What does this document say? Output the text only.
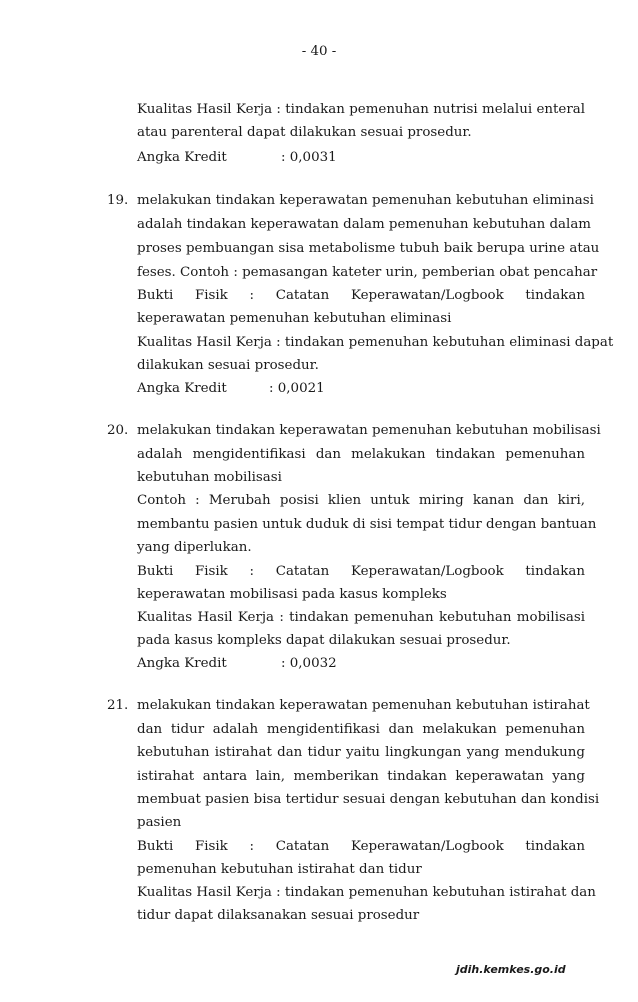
- 40 -
Kualitas Hasil Kerja : tindakan pemenuhan nutrisi melalui enteral
atau parenteral dapat dilakukan sesuai prosedur.
Angka Kredit	: 0,0031
19. melakukan tindakan keperawatan pemenuhan kebutuhan eliminasi
adalah tindakan keperawatan dalam pemenuhan kebutuhan dalam
proses pembuangan sisa metabolisme tubuh baik berupa urine atau
feses. Contoh : pemasangan kateter urin, pemberian obat pencahar
Bukti Fisik : Catatan Keperawatan/Logbook tindakan
keperawatan pemenuhan kebutuhan eliminasi
Kualitas Hasil Kerja : tindakan pemenuhan kebutuhan eliminasi dapat
dilakukan sesuai prosedur.
Angka Kredit	: 0,0021
20. melakukan tindakan keperawatan pemenuhan kebutuhan mobilisasi
adalah mengidentifikasi dan melakukan tindakan pemenuhan
kebutuhan mobilisasi
Contoh : Merubah posisi klien untuk miring kanan dan kiri,
membantu pasien untuk duduk di sisi tempat tidur dengan bantuan
yang diperlukan.
Bukti Fisik : Catatan Keperawatan/Logbook tindakan
keperawatan mobilisasi pada kasus kompleks
Kualitas Hasil Kerja : tindakan pemenuhan kebutuhan mobilisasi
pada kasus kompleks dapat dilakukan sesuai prosedur.
Angka Kredit	: 0,0032
21. melakukan tindakan keperawatan pemenuhan kebutuhan istirahat
dan tidur adalah mengidentifikasi dan melakukan pemenuhan
kebutuhan istirahat dan tidur yaitu lingkungan yang mendukung
istirahat antara lain, memberikan tindakan keperawatan yang
membuat pasien bisa tertidur sesuai dengan kebutuhan dan kondisi
pasien
Bukti Fisik : Catatan Keperawatan/Logbook tindakan
pemenuhan kebutuhan istirahat dan tidur
Kualitas Hasil Kerja : tindakan pemenuhan kebutuhan istirahat dan
tidur dapat dilaksanakan sesuai prosedur
jdih.kemkes.go.id
